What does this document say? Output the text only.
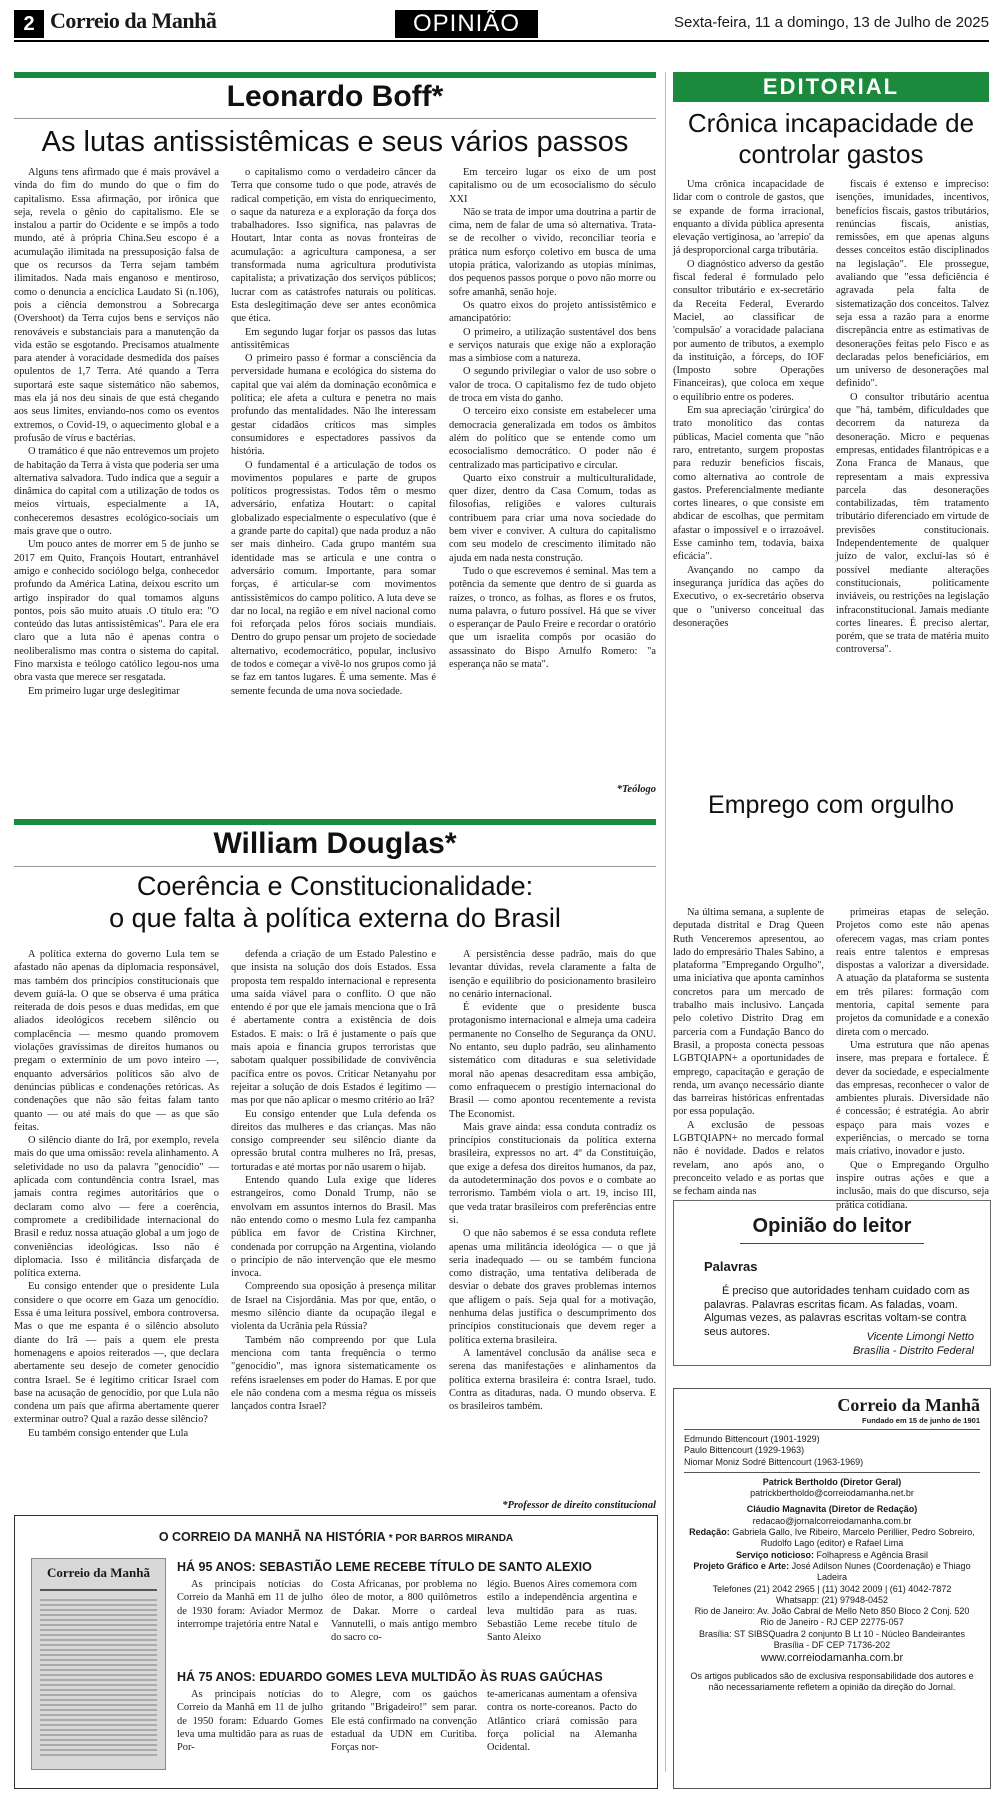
2 Correio da Manhã	OPINIÃO	Sexta-feira, 11 a domingo, 13 de Julho de 2025
Leonardo Boff*
As lutas antissistêmicas e seus vários passos

Alguns tens afirmado que é mais provável a vinda do fim do mundo do que o fim do capitalismo. Essa afirmação, por irônica que seja, revela o gênio do capitalismo. Ele se instalou a partir do Ocidente e se impôs a todo mundo, até à própria China.Seu escopo é a acumulação ilimitada na pressuposição falsa de que os recursos da Terra sejam também ilimitados. Nada mais enganoso e mentiroso, como o denuncia a encíclica Laudato Sì (n.106), pois a ciência demonstrou a Sobrecarga (Overshoot) da Terra cujos bens e serviços não renováveis e substanciais para a manutenção da vida estão se esgotando. Precisamos atualmente para atender à voracidade desmedida dos países opulentos de 1,7 Terra. Até quando a Terra suportará este saque sistemático não sabemos, mas ela já nos deu sinais de que está chegando aos seus limites, enviando-nos como os eventos extremos, o Covid-19, o aquecimento global e a profusão de vírus e bactérias.

O tramático é que não entrevemos um projeto de habitação da Terra à vista que poderia ser uma alternativa salvadora. Tudo indica que a seguir a dinâmica do capital com a utilização de todos os meios virtuais, especialmente a IA, conheceremos desastres ecológico-sociais um mais grave que o outro.

Um pouco antes de morrer em 5 de junho se 2017 em Quito, François Houtart, entranhável amigo e conhecido sociólogo belga, conhecedor profundo da América Latina, deixou escrito um artigo inspirador do qual tomamos alguns pontos, pois são muito atuais .O título era: "O conteúdo das lutas antissistêmicas". Para ele era claro que a luta não é apenas contra o neoliberalismo mas contra o sistema do capital. Fino marxista e teólogo católico legou-nos uma obra vasta que merece ser resgatada.

Em primeiro lugar urge deslegitimar

o capitalismo como o verdadeiro câncer da Terra que consome tudo o que pode, através de radical competição, em vista do enriquecimento, o saque da natureza e a exploração da força dos trabalhadores. Isso significa, nas palavras de Houtart, lntar conta as novas fronteiras de acumulação: a agricultura camponesa, a ser transformada numa agricultura produtivista capitalista; a privatização dos serviços públicos; lucrar com as catástrofes naturais ou políticas. Esta deslegitimação deve ser antes econômica que ética.

Em segundo lugar forjar os passos das lutas antissitêmicas

O primeiro passo é formar a consciência da perversidade humana e ecológica do sistema do capital que vai além da dominação econômica e política; ele afeta a cultura e penetra no mais profundo das mentalidades. Não lhe interessam gestar cidadãos críticos mas simples consumidores e espectadores passivos da história.

O fundamental é a articulação de todos os movimentos populares e parte de grupos políticos progressistas. Todos têm o mesmo adversário, enfatiza Houtart: o capital globalizado especialmente o especulativo (que é a grande parte do capital) que nada produz a não ser mais dinheiro. Cada grupo mantém sua identidade mas se articula e une contra o adversário comum. Importante, para somar forças, é articular-se com movimentos antissistêmicos do campo político. A luta deve se dar no local, na região e em nível nacional como foi reforçada pelos fóros sociais mundiais. Dentro do grupo pensar um projeto de sociedade alternativo, ecodemocrático, popular, inclusivo de todos e começar a vivê-lo nos grupos como já se faz em tantos lugares. É uma semente. Mas é semente fecunda de uma nova sociedade.

Em terceiro lugar os eixo de um post capitalismo ou de um ecosocialismo do século XXI

Não se trata de impor uma doutrina a partir de cima, nem de falar de uma só alternativa. Trata-se de recolher o vivido, reconciliar teoria e prática num esforço coletivo em busca de uma utopia prática, valorizando as utopias mínimas, dos pequenos passos porque o povo não morre ou sofre amanhã, senão hoje.

Os quatro eixos do projeto antissistêmico e amancipatório:

O primeiro, a utilização sustentável dos bens e serviços naturais que exige não a exploração mas a simbiose com a natureza.

O segundo privilegiar o valor de uso sobre o valor de troca. O capitalismo fez de tudo objeto de troca em vista do ganho.

O terceiro eixo consiste em estabelecer uma democracia generalizada em todos os âmbitos além do político que se entende como um ecosocialismo democrático. O poder não é centralizado mas participativo e circular.

Quarto eixo construir a multiculturalidade, quer dizer, dentro da Casa Comum, todas as filosofias, religiões e valores culturais contribuem para criar uma nova sociedade do bem viver e conviver. A cultura do capitalismo com seu modelo de crescimento ilimitado não ajuda em nada nesta construção.

Tudo o que escrevemos é seminal. Mas tem a potência da semente que dentro de si guarda as raízes, o tronco, as folhas, as flores e os frutos, numa palavra, o futuro possível. Há que se viver o esperançar de Paulo Freire e recordar o oratório que um israelita compôs por ocasião do assassinato do Bispo Arnulfo Romero: "a esperança não se mata".

*Teólogo
EDITORIAL
Crônica incapacidade de controlar gastos

Uma crônica incapacidade de lidar com o controle de gastos, que se expande de forma irracional, enquanto a dívida pública apresenta elevação vertiginosa, ao 'arrepio' da já desproporcional carga tributária.

O diagnóstico adverso da gestão fiscal federal é formulado pelo consultor tributário e ex-secretário da Receita Federal, Everardo Maciel, ao classificar de 'compulsão' a voracidade palaciana por aumento de tributos, a exemplo da instituição, a fórceps, do IOF (Imposto sobre Operações Financeiras), que coloca em xeque o equilíbrio entre os poderes.

Em sua apreciação 'cirúrgica' do trato monolítico das contas públicas, Maciel comenta que "não raro, entretanto, surgem propostas para reduzir benefícios fiscais, como alternativa ao controle de gastos. Preferencialmente mediante cortes lineares, o que consiste em abdicar de escolhas, que permitam afastar o impossível e o irrazoável. Esse caminho tem, todavia, baixa eficácia".

Avançando no campo da insegurança jurídica das ações do Executivo, o ex-secretário observa que o "universo conceitual das desonerações

fiscais é extenso e impreciso: isenções, imunidades, incentivos, benefícios fiscais, gastos tributários, renúncias fiscais, anistias, remissões, em que apenas alguns desses conceitos estão disciplinados na legislação". Ele prossegue, avaliando que "essa deficiência é agravada pela falta de sistematização dos conceitos. Talvez seja essa a razão para a enorme discrepância entre as estimativas de desonerações feitas pelo Fisco e as declaradas pelos beneficiários, em um universo de desonerações mal definido".

O consultor tributário acentua que "há, também, dificuldades que decorrem da natureza da desoneração. Micro e pequenas empresas, entidades filantrópicas e a Zona Franca de Manaus, que representam a mais expressiva parcela das desonerações contabilizadas, têm tratamento tributário diferenciado em virtude de previsões constitucionais. Independentemente de qualquer juízo de valor, excluí-las só é possível mediante alterações constitucionais, politicamente inviáveis, ou restrições na legislação infraconstitucional. Jamais mediante cortes lineares. É preciso alertar, porém, que se trata de matéria muito controversa".

Emprego com orgulho

Na última semana, a suplente de deputada distrital e Drag Queen Ruth Venceremos apresentou, ao lado do empresário Thales Sabino, a plataforma "Empregando Orgulho", uma iniciativa que aponta caminhos concretos para um mercado de trabalho mais inclusivo. Lançada pelo coletivo Distrito Drag em parceria com a Fundação Banco do Brasil, a proposta conecta pessoas LGBTQIAPN+ a oportunidades de emprego, capacitação e geração de renda, um avanço necessário diante das barreiras históricas enfrentadas por essa população.

A exclusão de pessoas LGBTQIAPN+ no mercado formal não é novidade. Dados e relatos revelam, ano após ano, o preconceito velado e as portas que se fecham ainda nas

primeiras etapas de seleção. Projetos como este não apenas oferecem vagas, mas criam pontes reais entre talentos e empresas dispostas a valorizar a diversidade. A atuação da plataforma se sustenta em três pilares: formação com mentoria, capital semente para projetos da comunidade e a conexão direta com o mercado.

Uma estrutura que não apenas insere, mas prepara e fortalece. É dever da sociedade, e especialmente das empresas, reconhecer o valor de ambientes plurais. Diversidade não é concessão; é estratégia. Ao abrir espaço para mais vozes e experiências, o mercado se torna mais criativo, inovador e justo.

Que o Empregando Orgulho inspire outras ações e que a inclusão, mais do que discurso, seja prática cotidiana.

William Douglas*
Coerência e Constitucionalidade:
o que falta à política externa do Brasil

A política externa do governo Lula tem se afastado não apenas da diplomacia responsável, mas também dos princípios constitucionais que devem guiá-la. O que se observa é uma prática reiterada de dois pesos e duas medidas, em que aliados ideológicos recebem silêncio ou complacência — mesmo quando promovem violações gravíssimas de direitos humanos ou pregam o extermínio de um povo inteiro —, enquanto adversários políticos são alvo de denúncias públicas e condenações retóricas. As condenações que não são feitas falam tanto quanto — ou até mais do que — as que são feitas.

O silêncio diante do Irã, por exemplo, revela mais do que uma omissão: revela alinhamento. A seletividade no uso da palavra "genocídio" — aplicada com contundência contra Israel, mas jamais contra regimes autoritários que o declaram como alvo — fere a coerência, compromete a credibilidade internacional do Brasil e reduz nossa atuação global a um jogo de conveniências ideológicas. Isso não é diplomacia. Isso é militância disfarçada de política externa.

Eu consigo entender que o presidente Lula considere o que ocorre em Gaza um genocídio. Essa é uma leitura possível, embora controversa. Mas o que me espanta é o silêncio absoluto diante do Irã — país a quem ele presta homenagens e apoios reiterados —, que declara abertamente seu desejo de cometer genocídio contra Israel. Se é legítimo criticar Israel com base na acusação de genocídio, por que Lula não condena um país que afirma abertamente querer exterminar outro? Qual a razão desse silêncio?

Eu também consigo entender que Lula

defenda a criação de um Estado Palestino e que insista na solução dos dois Estados. Essa proposta tem respaldo internacional e representa uma saída viável para o conflito. O que não entendo é por que ele jamais menciona que o Irã é abertamente contra a existência de dois Estados. E mais: o Irã é justamente o país que mais apoia e financia grupos terroristas que sabotam qualquer possibilidade de convivência pacífica entre os povos. Criticar Netanyahu por rejeitar a solução de dois Estados é legítimo — mas por que não aplicar o mesmo critério ao Irã?

Eu consigo entender que Lula defenda os direitos das mulheres e das crianças. Mas não consigo compreender seu silêncio diante da opressão brutal contra mulheres no Irã, presas, torturadas e até mortas por não usarem o hijab.

Entendo quando Lula exige que líderes estrangeiros, como Donald Trump, não se envolvam em assuntos internos do Brasil. Mas não entendo como o mesmo Lula fez campanha pública em favor de Cristina Kirchner, condenada por corrupção na Argentina, violando o princípio de não intervenção que ele mesmo invoca.

Compreendo sua oposição à presença militar de Israel na Cisjordânia. Mas por que, então, o mesmo silêncio diante da ocupação ilegal e violenta da Ucrânia pela Rússia?

Também não compreendo por que Lula menciona com tanta frequência o termo "genocídio", mas ignora sistematicamente os reféns israelenses em poder do Hamas. E por que ele não condena com a mesma régua os mísseis lançados contra Israel?

A persistência desse padrão, mais do que levantar dúvidas, revela claramente a falta de isenção e equilíbrio do posicionamento brasileiro no cenário internacional.

É evidente que o presidente busca protagonismo internacional e almeja uma cadeira permanente no Conselho de Segurança da ONU. No entanto, seu duplo padrão, seu alinhamento sistemático com ditaduras e sua seletividade moral não apenas desacreditam essa ambição, como enfraquecem o prestígio internacional do Brasil — como apontou recentemente a revista The Economist.

Mais grave ainda: essa conduta contradiz os princípios constitucionais da política externa brasileira, expressos no art. 4º da Constituição, que exige a defesa dos direitos humanos, da paz, da autodeterminação dos povos e o combate ao terrorismo. Também viola o art. 19, inciso III, que veda tratar brasileiros com preferências entre si.

O que não sabemos é se essa conduta reflete apenas uma militância ideológica — o que já seria inadequado — ou se também funciona como distração, uma tentativa deliberada de desviar o debate dos graves problemas internos que afligem o país. Seja qual for a motivação, nenhuma delas justifica o descumprimento dos princípios constitucionais que devem reger a política externa brasileira.

A lamentável conclusão da análise seca e serena das manifestações e alinhamentos da política externa brasileira é: contra Israel, tudo. Contra as ditaduras, nada. O mundo observa. E os brasileiros também.

*Professor de direito constitucional
Opinião do leitor
Palavras
É preciso que autoridades tenham cuidado com as palavras. Palavras escritas ficam. As faladas, voam. Algumas vezes, as palavras escritas voltam-se contra seus autores.	Vicente Limongi Netto
Brasília - Distrito Federal
O CORREIO DA MANHÃ NA HISTÓRIA * POR BARROS MIRANDA
Correio da Manhã	HÁ 95 ANOS: SEBASTIÃO LEME RECEBE TÍTULO DE SANTO ALEXIO

As principais notícias do Correio da Manhã em 11 de julho de 1930 foram: Aviador Mermoz interrompe trajetória entre Natal e

Costa Africanas, por problema no óleo de motor, a 800 quilômetros de Dakar. Morre o cardeal Vannutelli, o mais antigo membro do sacro co-

légio. Buenos Aires comemora com estilo a independência argentina e leva multidão para as ruas. Sebastião Leme recebe título de Santo Aleixo

HÁ 75 ANOS: EDUARDO GOMES LEVA MULTIDÃO ÀS RUAS GAÚCHAS

As principais notícias do Correio da Manhã em 11 de julho de 1950 foram: Eduardo Gomes leva uma multidão para as ruas de Por-

to Alegre, com os gaúchos gritando "Brigadeiro!" sem parar. Ele está confirmado na convenção estadual da UDN em Curitiba. Forças nor-

te-americanas aumentam a ofensiva contra os norte-coreanos. Pacto do Atlântico criará comissão para força policial na Alemanha Ocidental.

Correio da Manhã
Fundado em 15 de junho de 1901
Edmundo Bittencourt (1901-1929)
Paulo Bittencourt (1929-1963)
Niomar Moniz Sodré Bittencourt (1963-1969)
Patrick Bertholdo (Diretor Geral)
patrickbertholdo@correiodamanha.net.br
Cláudio Magnavita (Diretor de Redação)
redacao@jornalcorreiodamanha.com.br
Redação: Gabriela Gallo, Ive Ribeiro, Marcelo Perillier, Pedro Sobreiro, Rudolfo Lago (editor) e Rafael Lima
Serviço noticioso: Folhapress e Agência Brasil
Projeto Gráfico e Arte: José Adilson Nunes (Coordenação) e Thiago Ladeira
Telefones (21) 2042 2965 | (11) 3042 2009 | (61) 4042-7872
Whatsapp: (21) 97948-0452
Rio de Janeiro: Av. João Cabral de Mello Neto 850 Bloco 2 Conj. 520
Rio de Janeiro - RJ CEP 22775-057
Brasília: ST SIBSQuadra 2 conjunto B Lt 10 - Núcleo Bandeirantes
Brasília - DF CEP 71736-202
www.correiodamanha.com.br
Os artigos publicados são de exclusiva responsabilidade dos autores e não necessariamente refletem a opinião da direção do Jornal.
